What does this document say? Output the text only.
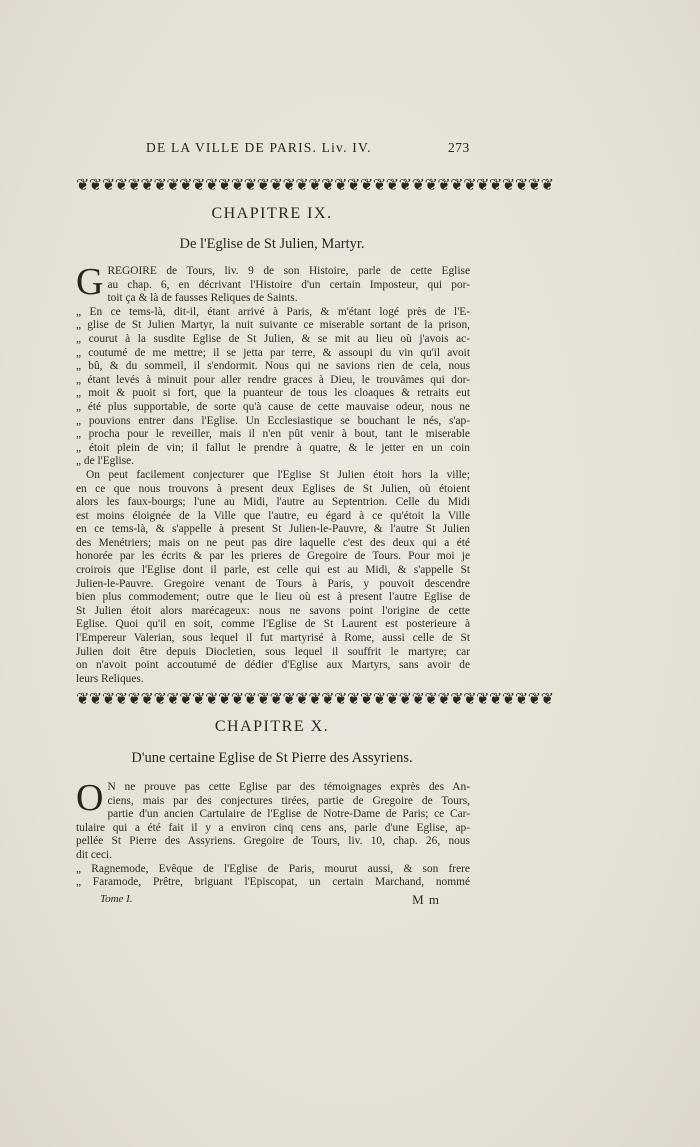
DE LA VILLE DE PARIS. Liv. IV.	273
❦❦❦❦❦❦❦❦❦❦❦❦❦❦❦❦❦❦❦❦❦❦❦❦❦❦❦❦❦❦❦❦❦❦❦❦❦
CHAPITRE IX.
De l'Eglise de St Julien, Martyr.
G REGOIRE de Tours, liv. 9 de son Histoire, parle de cette Eglise
au chap. 6, en décrivant l'Histoire d'un certain Imposteur, qui por-
toit ça & là de fausses Reliques de Saints.
„ En ce tems-là, dit-il, étant arrivé à Paris, & m'étant logé près de l'E-
„ glise de St Julien Martyr, la nuit suivante ce miserable sortant de la prison,
„ courut à la susdite Eglise de St Julien, & se mit au lieu où j'avois ac-
„ coutumé de me mettre; il se jetta par terre, & assoupi du vin qu'il avoit
„ bû, & du sommeil, il s'endormit. Nous qui ne savions rien de cela, nous
„ étant levés à minuit pour aller rendre graces à Dieu, le trouvâmes qui dor-
„ moit & puoit si fort, que la puanteur de tous les cloaques & retraits eut
„ été plus supportable, de sorte qu'à cause de cette mauvaise odeur, nous ne
„ pouvions entrer dans l'Eglise. Un Ecclesiastique se bouchant le nés, s'ap-
„ procha pour le reveiller, mais il n'en pût venir à bout, tant le miserable
„ étoit plein de vin; il fallut le prendre à quatre, & le jetter en un coin
„ de l'Eglise.
On peut facilement conjecturer que l'Eglise St Julien étoit hors la ville;
en ce que nous trouvons à present deux Eglises de St Julien, où étoient
alors les faux-bourgs; l'une au Midi, l'autre au Septentrion. Celle du Midi
est moins éloignée de la Ville que l'autre, eu égard à ce qu'étoit la Ville
en ce tems-là, & s'appelle à present St Julien-le-Pauvre, & l'autre St Julien
des Menétriers; mais on ne peut pas dire laquelle c'est des deux qui a été
honorée par les écrits & par les prieres de Gregoire de Tours. Pour moi je
croirois que l'Eglise dont il parle, est celle qui est au Midi, & s'appelle St
Julien-le-Pauvre. Gregoire venant de Tours à Paris, y pouvoit descendre
bien plus commodement; outre que le lieu où est à present l'autre Eglise de
St Julien étoit alors marécageux: nous ne savons point l'origine de cette
Eglise. Quoi qu'il en soit, comme l'Eglise de St Laurent est posterieure à
l'Empereur Valerian, sous lequel il fut martyrisé à Rome, aussi celle de St
Julien doit être depuis Diocletien, sous lequel il souffrit le martyre; car
on n'avoit point accoutumé de dédier d'Eglise aux Martyrs, sans avoir de
leurs Reliques.
❦❦❦❦❦❦❦❦❦❦❦❦❦❦❦❦❦❦❦❦❦❦❦❦❦❦❦❦❦❦❦❦❦❦❦❦❦
CHAPITRE X.
D'une certaine Eglise de St Pierre des Assyriens.
O N ne prouve pas cette Eglise par des témoignages exprès des An-
ciens, mais par des conjectures tirées, partie de Gregoire de Tours,
partie d'un ancien Cartulaire de l'Eglise de Notre-Dame de Paris; ce Car-
tulaire qui a été fait il y a environ cinq cens ans, parle d'une Eglise, ap-
pellée St Pierre des Assyriens. Gregoire de Tours, liv. 10, chap. 26, nous
dit ceci.
„ Ragnemode, Evêque de l'Eglise de Paris, mourut aussi, & son frere
„ Faramode, Prêtre, briguant l'Episcopat, un certain Marchand, nommé
Tome I.	M m
